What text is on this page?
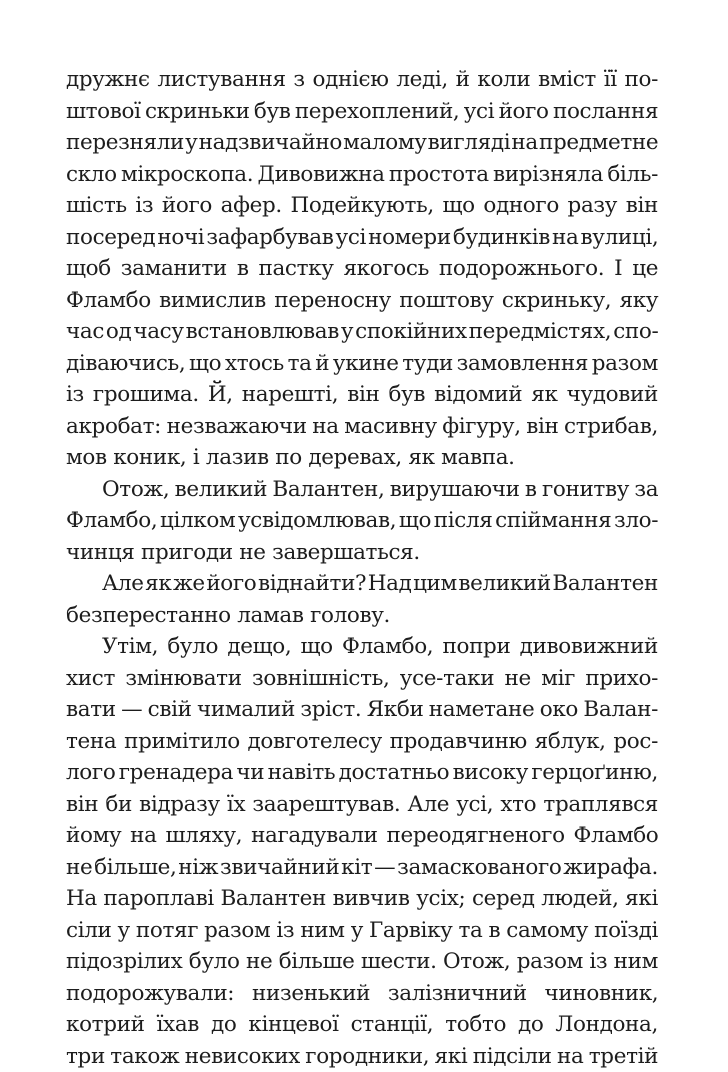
дружнє листування з однією леді, й коли вміст її по-
штової скриньки був перехоплений, усі його послання
перезняли у надзвичайно малому вигляді на предметне
скло мікроскопа. Дивовижна простота вирізняла біль-
шість із його афер. Подейкують, що одного разу він
посеред ночі зафарбував усі номери будинків на вулиці,
щоб заманити в пастку якогось подорожнього. І це
Фламбо вимислив переносну поштову скриньку, яку
час од часу встановлював у спокійних передмістях, спо-
діваючись, що хтось та й укине туди замовлення разом
із грошима. Й, нарешті, він був відомий як чудовий
акробат: незважаючи на масивну фігуру, він стрибав,
мов коник, і лазив по деревах, як мавпа.
Отож, великий Валантен, вирушаючи в гонитву за
Фламбо, цілком усвідомлював, що після спіймання зло-
чинця пригоди не завершаться.
Але як же його віднайти? Над цим великий Валантен
безперестанно ламав голову.
Утім, було дещо, що Фламбо, попри дивовижний
хист змінювати зовнішність, усе-таки не міг прихо-
вати — свій чималий зріст. Якби наметане око Валан-
тена примітило довготелесу продавчиню яблук, рос-
лого гренадера чи навіть достатньо високу герцоґиню,
він би відразу їх заарештував. Але усі, хто траплявся
йому на шляху, нагадували переодягненого Фламбо
не більше, ніж звичайний кіт — замаскованого жирафа.
На пароплаві Валантен вивчив усіх; серед людей, які
сіли у потяг разом із ним у Гарвіку та в самому поїзді
підозрілих було не більше шести. Отож, разом із ним
подорожували: низенький залізничний чиновник,
котрий їхав до кінцевої станції, тобто до Лондона,
три також невисоких городники, які підсіли на третій
